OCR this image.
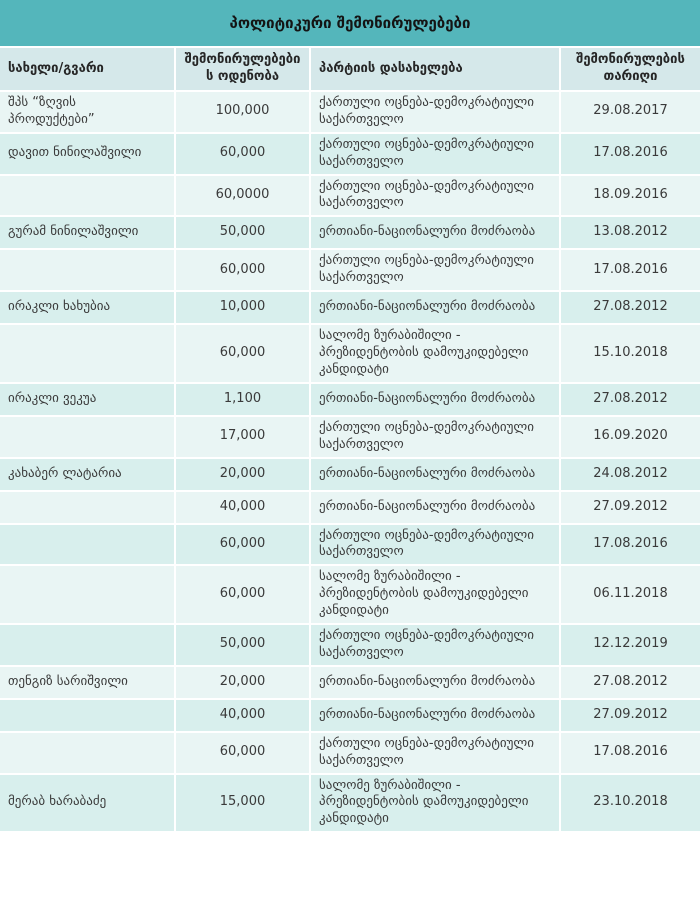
პოლიტიკური შემონირულებები
სახელი/გვარი	შემონირულებების ოდენობა	პარტიის დასახელება	შემონირულების თარიღი
შპს “ზღვის პროდუქტები”	100,000	ქართული ოცნება-დემოკრატიული საქართველო	29.08.2017
დავით ნინილაშვილი	60,000	ქართული ოცნება-დემოკრატიული საქართველო	17.08.2016
	60,0000	ქართული ოცნება-დემოკრატიული საქართველო	18.09.2016
გურამ ნინილაშვილი	50,000	ერთიანი-ნაციონალური მოძრაობა	13.08.2012
	60,000	ქართული ოცნება-დემოკრატიული საქართველო	17.08.2016
ირაკლი ხახუბია	10,000	ერთიანი-ნაციონალური მოძრაობა	27.08.2012
	60,000	სალომე ზურაბიშილი - პრეზიდენტობის დამოუკიდებელი კანდიდატი	15.10.2018
ირაკლი ვეკუა	1,100	ერთიანი-ნაციონალური მოძრაობა	27.08.2012
	17,000	ქართული ოცნება-დემოკრატიული საქართველო	16.09.2020
კახაბერ ლატარია	20,000	ერთიანი-ნაციონალური მოძრაობა	24.08.2012
	40,000	ერთიანი-ნაციონალური მოძრაობა	27.09.2012
	60,000	ქართული ოცნება-დემოკრატიული საქართველო	17.08.2016
	60,000	სალომე ზურაბიშილი - პრეზიდენტობის დამოუკიდებელი კანდიდატი	06.11.2018
	50,000	ქართული ოცნება-დემოკრატიული საქართველო	12.12.2019
თენგიზ სარიშვილი	20,000	ერთიანი-ნაციონალური მოძრაობა	27.08.2012
	40,000	ერთიანი-ნაციონალური მოძრაობა	27.09.2012
	60,000	ქართული ოცნება-დემოკრატიული საქართველო	17.08.2016
მერაბ ხარაბაძე	15,000	სალომე ზურაბიშილი - პრეზიდენტობის დამოუკიდებელი კანდიდატი	23.10.2018
